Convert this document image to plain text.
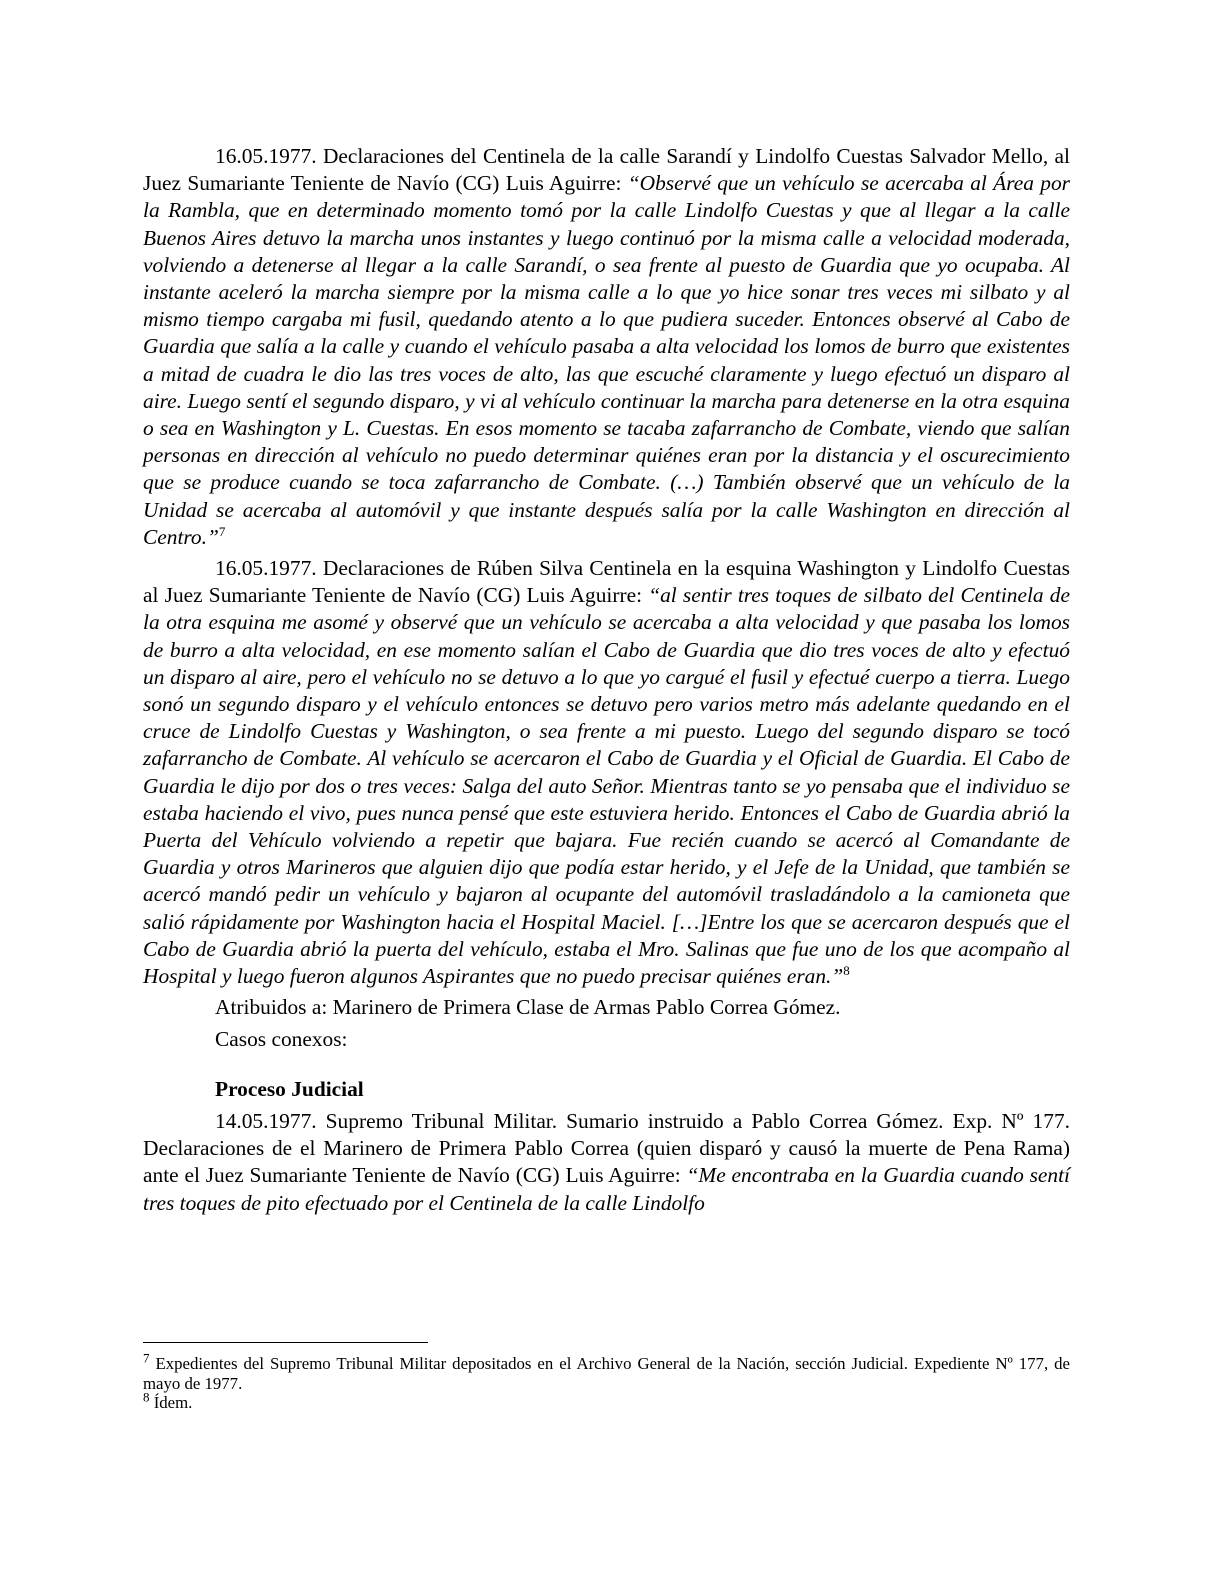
16.05.1977. Declaraciones del Centinela de la calle Sarandí y Lindolfo Cuestas Salvador Mello, al Juez Sumariante Teniente de Navío (CG) Luis Aguirre: “Observé que un vehículo se acercaba al Área por la Rambla, que en determinado momento tomó por la calle Lindolfo Cuestas y que al llegar a la calle Buenos Aires detuvo la marcha unos instantes y luego continuó por la misma calle a velocidad moderada, volviendo a detenerse al llegar a la calle Sarandí, o sea frente al puesto de Guardia que yo ocupaba. Al instante aceleró la marcha siempre por la misma calle a lo que yo hice sonar tres veces mi silbato y al mismo tiempo cargaba mi fusil, quedando atento a lo que pudiera suceder. Entonces observé al Cabo de Guardia que salía a la calle y cuando el vehículo pasaba a alta velocidad los lomos de burro que existentes a mitad de cuadra le dio las tres voces de alto, las que escuché claramente y luego efectuó un disparo al aire. Luego sentí el segundo disparo, y vi al vehículo continuar la marcha para detenerse en la otra esquina o sea en Washington y L. Cuestas. En esos momento se tacaba zafarrancho de Combate, viendo que salían personas en dirección al vehículo no puedo determinar quiénes eran por la distancia y el oscurecimiento que se produce cuando se toca zafarrancho de Combate. (…) También observé que un vehículo de la Unidad se acercaba al automóvil y que instante después salía por la calle Washington en dirección al Centro.”$^7$

16.05.1977. Declaraciones de Rúben Silva Centinela en la esquina Washington y Lindolfo Cuestas al Juez Sumariante Teniente de Navío (CG) Luis Aguirre: “al sentir tres toques de silbato del Centinela de la otra esquina me asomé y observé que un vehículo se acercaba a alta velocidad y que pasaba los lomos de burro a alta velocidad, en ese momento salían el Cabo de Guardia que dio tres voces de alto y efectuó un disparo al aire, pero el vehículo no se detuvo a lo que yo cargué el fusil y efectué cuerpo a tierra. Luego sonó un segundo disparo y el vehículo entonces se detuvo pero varios metro más adelante quedando en el cruce de Lindolfo Cuestas y Washington, o sea frente a mi puesto. Luego del segundo disparo se tocó zafarrancho de Combate. Al vehículo se acercaron el Cabo de Guardia y el Oficial de Guardia. El Cabo de Guardia le dijo por dos o tres veces: Salga del auto Señor. Mientras tanto se yo pensaba que el individuo se estaba haciendo el vivo, pues nunca pensé que este estuviera herido. Entonces el Cabo de Guardia abrió la Puerta del Vehículo volviendo a repetir que bajara. Fue recién cuando se acercó al Comandante de Guardia y otros Marineros que alguien dijo que podía estar herido, y el Jefe de la Unidad, que también se acercó mandó pedir un vehículo y bajaron al ocupante del automóvil trasladándolo a la camioneta que salió rápidamente por Washington hacia el Hospital Maciel. […]Entre los que se acercaron después que el Cabo de Guardia abrió la puerta del vehículo, estaba el Mro. Salinas que fue uno de los que acompaño al Hospital y luego fueron algunos Aspirantes que no puedo precisar quiénes eran.”$^8$

Atribuidos a: Marinero de Primera Clase de Armas Pablo Correa Gómez.
Casos conexos:
Proceso Judicial

14.05.1977. Supremo Tribunal Militar. Sumario instruido a Pablo Correa Gómez. Exp. Nº 177. Declaraciones de el Marinero de Primera Pablo Correa (quien disparó y causó la muerte de Pena Rama) ante el Juez Sumariante Teniente de Navío (CG) Luis Aguirre: “Me encontraba en la Guardia cuando sentí tres toques de pito efectuado por el Centinela de la calle Lindolfo

$^7$ Expedientes del Supremo Tribunal Militar depositados en el Archivo General de la Nación, sección Judicial. Expediente Nº 177, de mayo de 1977.

$^8$ Ídem.
